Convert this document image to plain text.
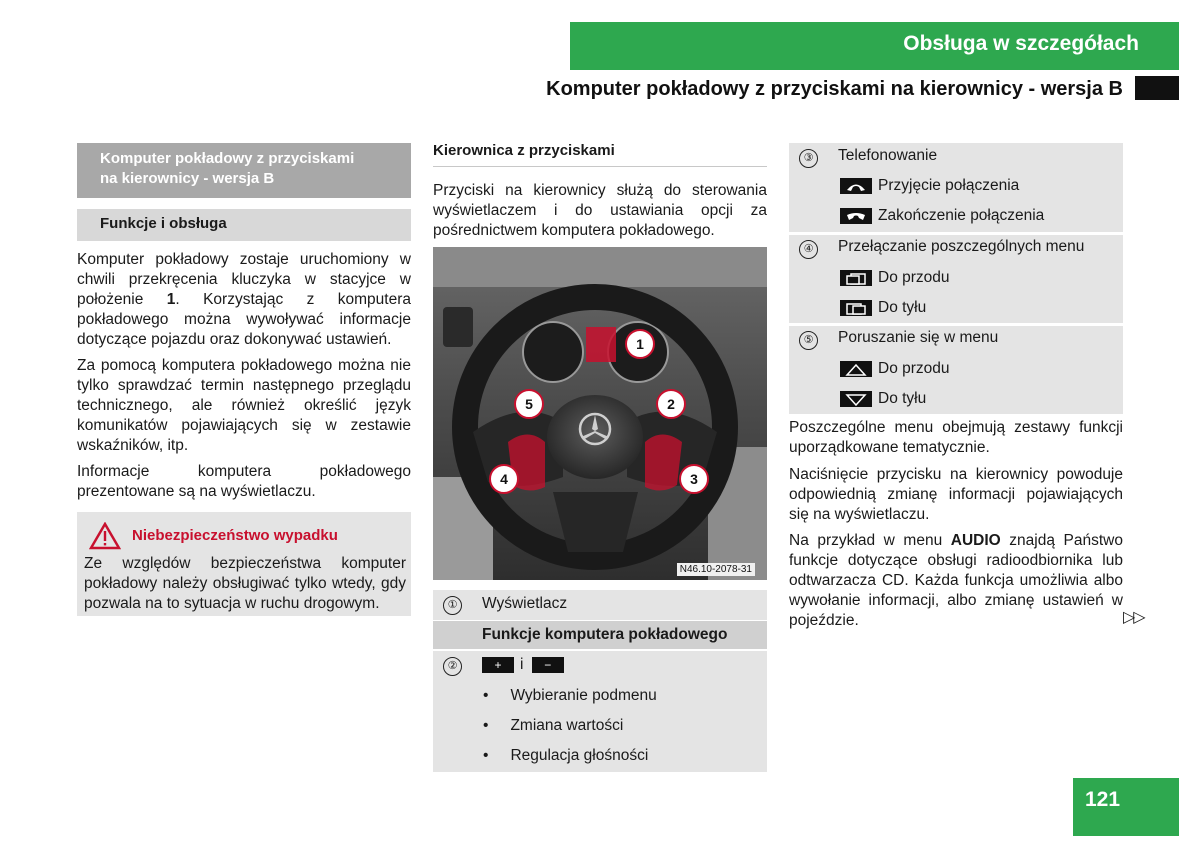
Obsługa w szczegółach
Komputer pokładowy z przyciskami na kierownicy - wersja B
Komputer pokładowy z przyciskami
na kierownicy - wersja B
Funkcje i obsługa
Komputer pokładowy zostaje uruchomiony w chwili przekręcenia kluczyka w stacyjce w położenie 1. Korzystając z komputera pokładowego można wywoływać informacje dotyczące pojazdu oraz dokonywać ustawień.
Za pomocą komputera pokładowego można nie tylko sprawdzać termin następnego przeglądu technicznego, ale również określić język komunikatów pojawiających się w zestawie wskaźników, itp.
Informacje komputera pokładowego prezentowane są na wyświetlaczu.
Niebezpieczeństwo wypadku
Ze względów bezpieczeństwa komputer pokładowy należy obsługiwać tylko wtedy, gdy pozwala na to sytuacja w ruchu drogowym.
Kierownica z przyciskami
Przyciski na kierownicy służą do sterowania wyświetlaczem i do ustawiania opcji za pośrednictwem komputera pokładowego.
1
2
3
4
5
N46.10-2078-31
① Wyświetlacz
Funkcje komputera pokładowego
②	+ i −
• Wybieranie podmenu
• Zmiana wartości
• Regulacja głośności
③ Telefonowanie
Przyjęcie połączenia
Zakończenie połączenia
④ Przełączanie poszczególnych menu
Do przodu
Do tyłu
⑤ Poruszanie się w menu
Do przodu
Do tyłu
Poszczególne menu obejmują zestawy funkcji uporządkowane tematycznie.
Naciśnięcie przycisku na kierownicy powoduje odpowiednią zmianę informacji pojawiających się na wyświetlaczu.
Na przykład w menu AUDIO znajdą Państwo funkcje dotyczące obsługi radioodbiornika lub odtwarzacza CD. Każda funkcja umożliwia albo wywołanie informacji, albo zmianę ustawień w pojeździe.	▷▷
121
